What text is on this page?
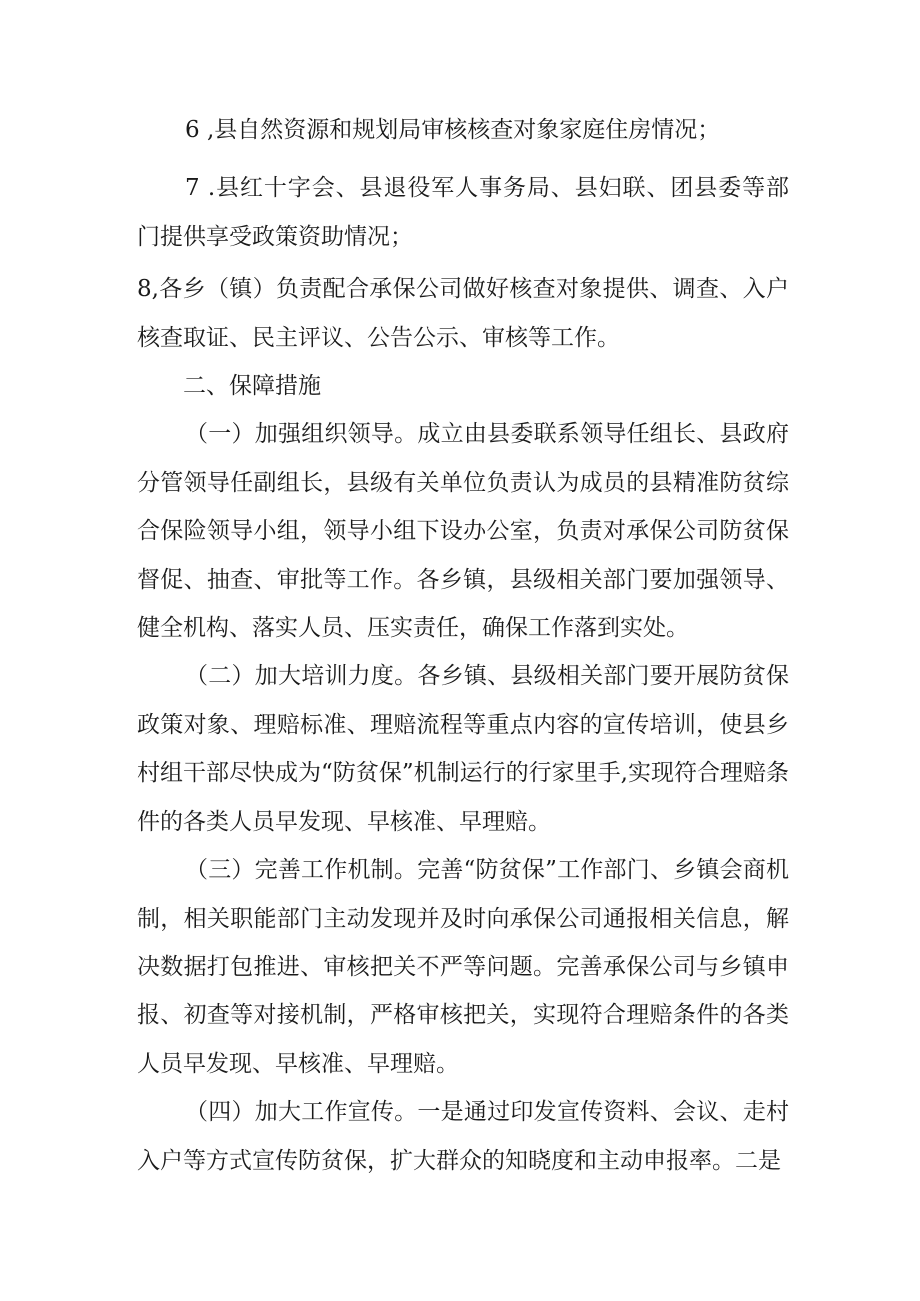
6 ,县自然资源和规划局审核核查对象家庭住房情况；

7 .县红十字会、县退役军人事务局、县妇联、团县委等部门提供享受政策资助情况；

8,各乡（镇）负责配合承保公司做好核查对象提供、调查、入户核查取证、民主评议、公告公示、审核等工作。

二、保障措施

（一）加强组织领导。成立由县委联系领导任组长、县政府分管领导任副组长，县级有关单位负责认为成员的县精准防贫综合保险领导小组，领导小组下设办公室，负责对承保公司防贫保督促、抽查、审批等工作。各乡镇，县级相关部门要加强领导、健全机构、落实人员、压实责任，确保工作落到实处。

（二）加大培训力度。各乡镇、县级相关部门要开展防贫保政策对象、理赔标准、理赔流程等重点内容的宣传培训，使县乡村组干部尽快成为“防贫保”机制运行的行家里手,实现符合理赔条件的各类人员早发现、早核准、早理赔。

（三）完善工作机制。完善“防贫保”工作部门、乡镇会商机制，相关职能部门主动发现并及时向承保公司通报相关信息，解决数据打包推进、审核把关不严等问题。完善承保公司与乡镇申报、初查等对接机制，严格审核把关，实现符合理赔条件的各类人员早发现、早核准、早理赔。

（四）加大工作宣传。一是通过印发宣传资料、会议、走村入户等方式宣传防贫保，扩大群众的知晓度和主动申报率。二是
